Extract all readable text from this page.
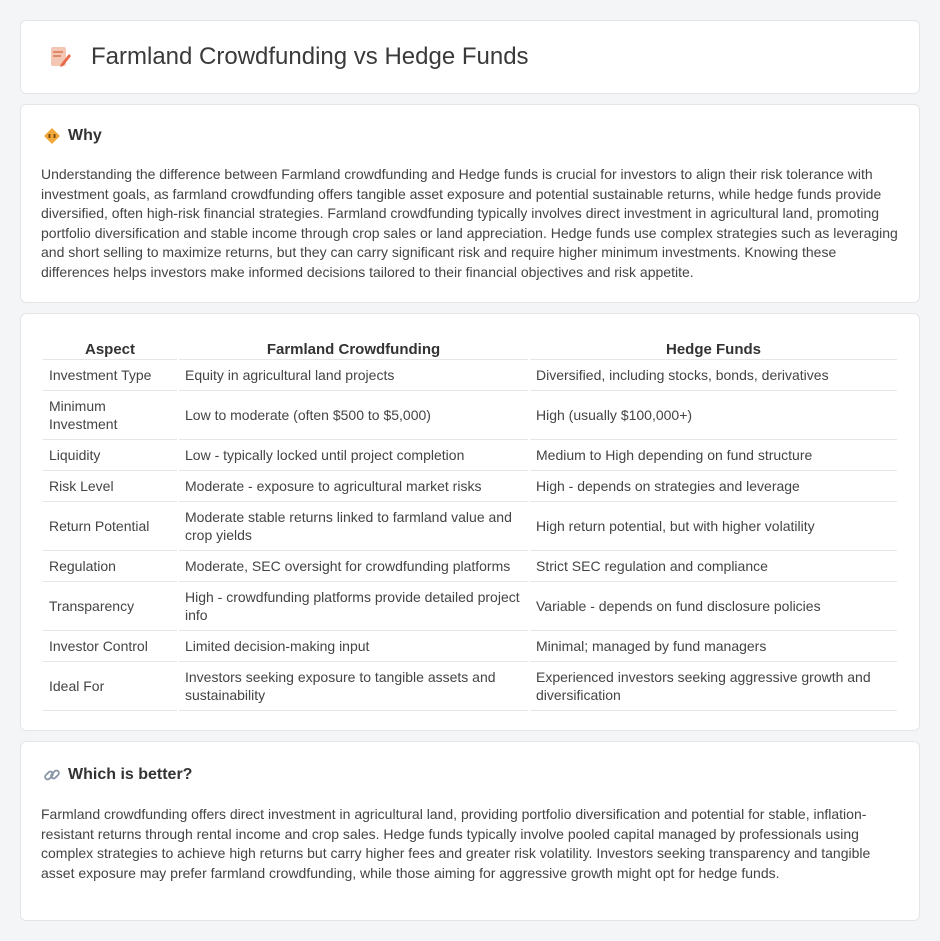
Farmland Crowdfunding vs Hedge Funds
Why

Understanding the difference between Farmland crowdfunding and Hedge funds is crucial for investors to align their risk tolerance with investment goals, as farmland crowdfunding offers tangible asset exposure and potential sustainable returns, while hedge funds provide diversified, often high-risk financial strategies. Farmland crowdfunding typically involves direct investment in agricultural land, promoting portfolio diversification and stable income through crop sales or land appreciation. Hedge funds use complex strategies such as leveraging and short selling to maximize returns, but they can carry significant risk and require higher minimum investments. Knowing these differences helps investors make informed decisions tailored to their financial objectives and risk appetite.

Aspect	Farmland Crowdfunding	Hedge Funds
Investment Type	Equity in agricultural land projects	Diversified, including stocks, bonds, derivatives
Minimum Investment	Low to moderate (often $500 to $5,000)	High (usually $100,000+)
Liquidity	Low - typically locked until project completion	Medium to High depending on fund structure
Risk Level	Moderate - exposure to agricultural market risks	High - depends on strategies and leverage
Return Potential	Moderate stable returns linked to farmland value and crop yields	High return potential, but with higher volatility
Regulation	Moderate, SEC oversight for crowdfunding platforms	Strict SEC regulation and compliance
Transparency	High - crowdfunding platforms provide detailed project info	Variable - depends on fund disclosure policies
Investor Control	Limited decision-making input	Minimal; managed by fund managers
Ideal For	Investors seeking exposure to tangible assets and sustainability	Experienced investors seeking aggressive growth and diversification
Which is better?

Farmland crowdfunding offers direct investment in agricultural land, providing portfolio diversification and potential for stable, inflation-resistant returns through rental income and crop sales. Hedge funds typically involve pooled capital managed by professionals using complex strategies to achieve high returns but carry higher fees and greater risk volatility. Investors seeking transparency and tangible asset exposure may prefer farmland crowdfunding, while those aiming for aggressive growth might opt for hedge funds.
